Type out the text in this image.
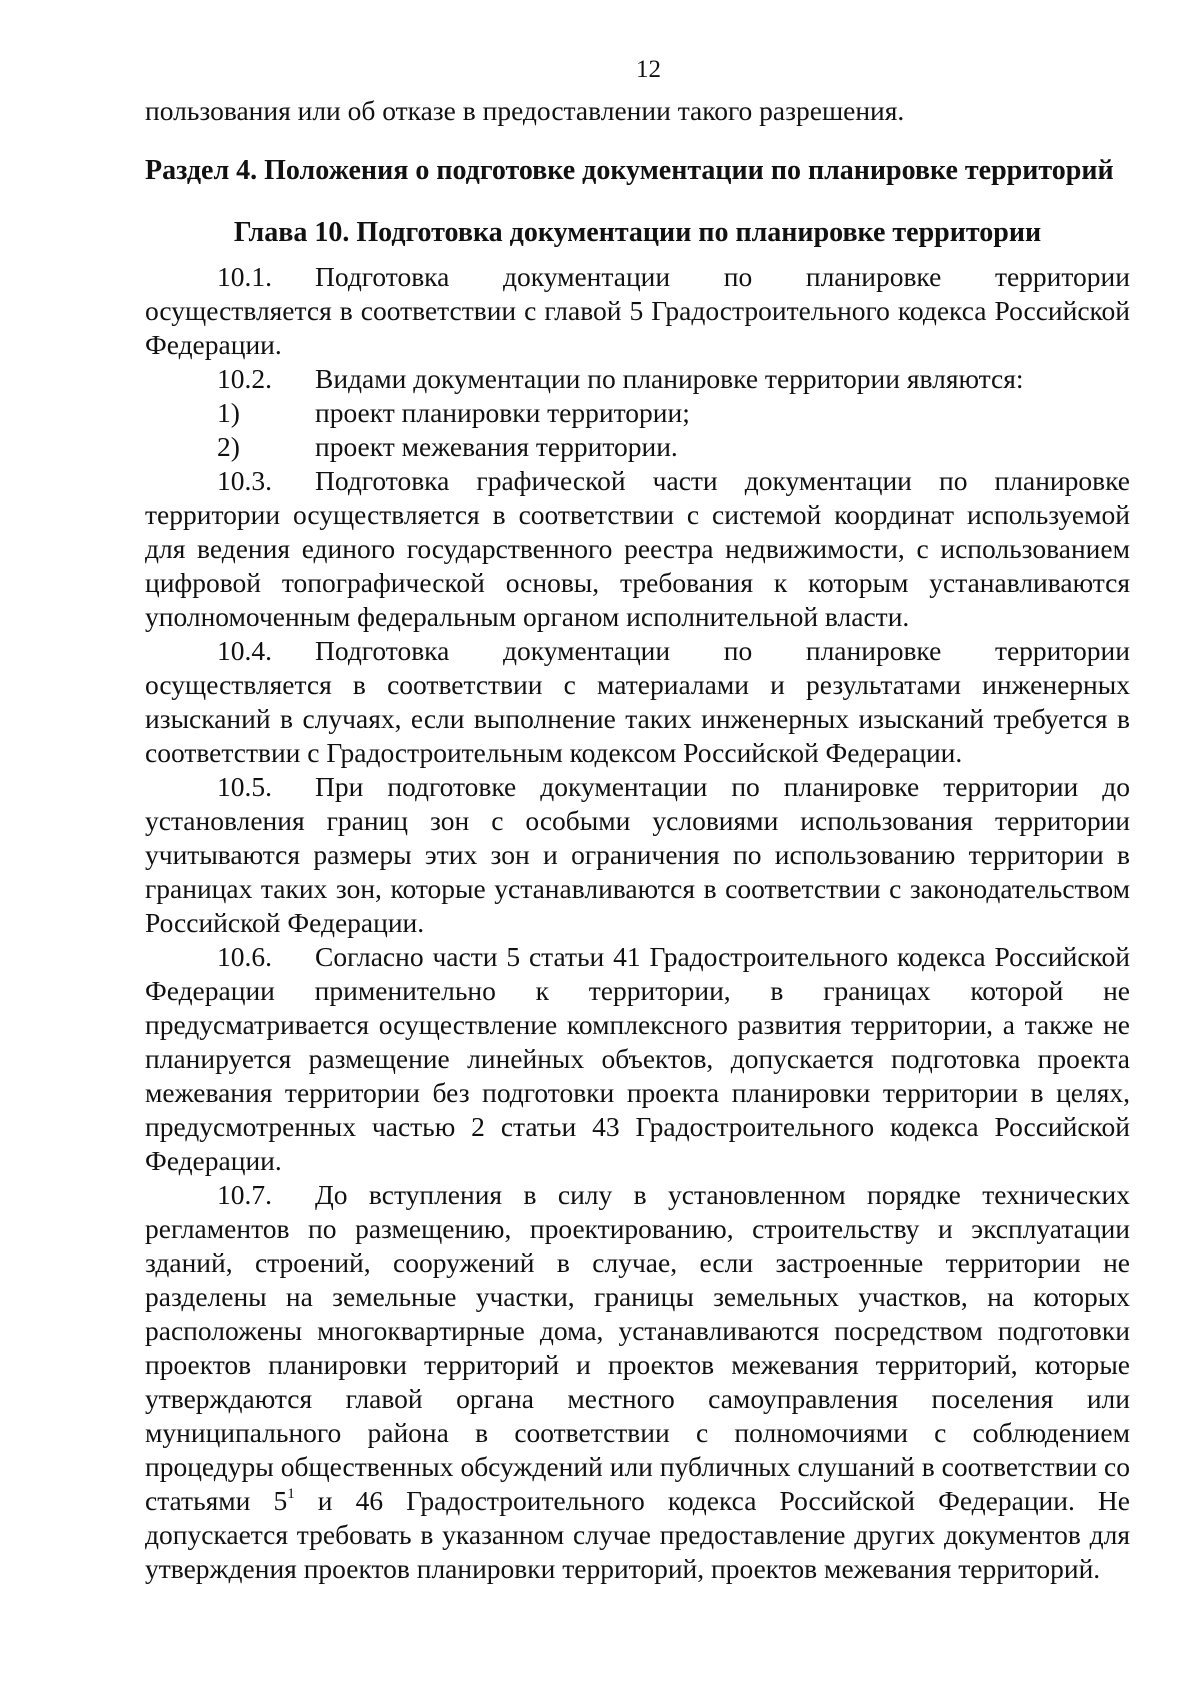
12
пользования или об отказе в предоставлении такого разрешения.
Раздел 4. Положения о подготовке документации по планировке территорий
Глава 10. Подготовка документации по планировке территории
10.1. Подготовка документации по планировке территории осуществляется в соответствии с главой 5 Градостроительного кодекса Российской Федерации.
10.2. Видами документации по планировке территории являются:
1)	проект планировки территории;
2)	проект межевания территории.
10.3. Подготовка графической части документации по планировке территории осуществляется в соответствии с системой координат используемой для ведения единого государственного реестра недвижимости, с использованием цифровой топографической основы, требования к которым устанавливаются уполномоченным федеральным органом исполнительной власти.
10.4. Подготовка документации по планировке территории осуществляется в соответствии с материалами и результатами инженерных изысканий в случаях, если выполнение таких инженерных изысканий требуется в соответствии с Градостроительным кодексом Российской Федерации.
10.5. При подготовке документации по планировке территории до установления границ зон с особыми условиями использования территории учитываются размеры этих зон и ограничения по использованию территории в границах таких зон, которые устанавливаются в соответствии с законодательством Российской Федерации.
10.6. Согласно части 5 статьи 41 Градостроительного кодекса Российской Федерации применительно к территории, в границах которой не предусматривается осуществление комплексного развития территории, а также не планируется размещение линейных объектов, допускается подготовка проекта межевания территории без подготовки проекта планировки территории в целях, предусмотренных частью 2 статьи 43 Градостроительного кодекса Российской Федерации.
10.7. До вступления в силу в установленном порядке технических регламентов по размещению, проектированию, строительству и эксплуатации зданий, строений, сооружений в случае, если застроенные территории не разделены на земельные участки, границы земельных участков, на которых расположены многоквартирные дома, устанавливаются посредством подготовки проектов планировки территорий и проектов межевания территорий, которые утверждаются главой органа местного самоуправления поселения или муниципального района в соответствии с полномочиями с соблюдением процедуры общественных обсуждений или публичных слушаний в соответствии со статьями $5^1$ и 46 Градостроительного кодекса Российской Федерации. Не допускается требовать в указанном случае предоставление других документов для утверждения проектов планировки территорий, проектов межевания территорий.
